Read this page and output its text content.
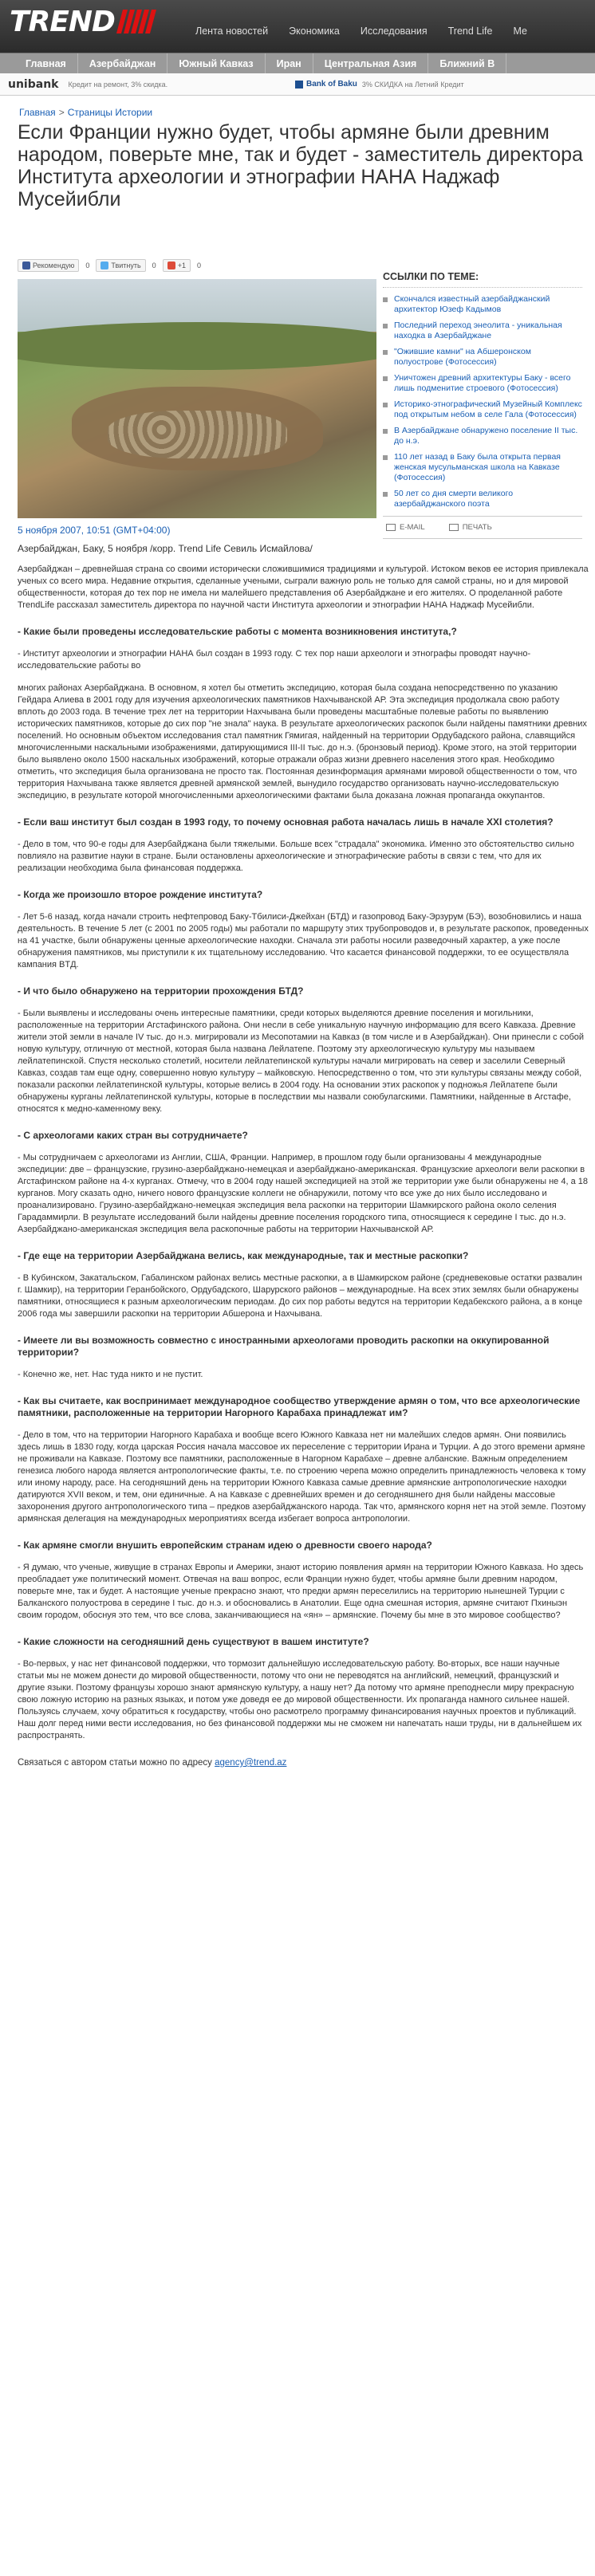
TREND	Лента новостей	Экономика	Исследования	Trend Life	Ме
Главная	Азербайджан	Южный Кавказ	Иран	Центральная Азия	Ближний В
unibank Кредит на ремонт, 3% скидка.	Bank of Baku 3% СКИДКА на Летний Кредит
Главная > Страницы Истории
Если Франции нужно будет, чтобы армяне были древним народом, поверьте мне, так и будет - заместитель директора Института археологии и этнографии НАНА Наджаф Мусейибли
Рекомендую 0	Твитнуть 0	+1 0
5 ноября 2007, 10:51 (GMT+04:00)
Азербайджан, Баку, 5 ноября /корр. Trend Life Севиль Исмайлова/
ССЫЛКИ ПО ТЕМЕ:
Скончался известный азербайджанский архитектор Юзеф Кадымов
Последний переход энеолита - уникальная находка в Азербайджане
"Ожившие камни" на Абшеронском полуострове (Фотосессия)
Уничтожен древний архитектуры Баку - всего лишь подменитие строевого (Фотосессия)
Историко-этнографический Музейный Комплекс под открытым небом в селе Гала (Фотосессия)
В Азербайджане обнаружено поселение II тыс. до н.э.
110 лет назад в Баку была открыта первая женская мусульманская школа на Кавказе (Фотосессия)
50 лет со дня смерти великого азербайджанского поэта
E-MAIL	ПЕЧАТЬ
Азербайджан – древнейшая страна со своими исторически сложившимися традициями и культурой. Истоком веков ее история привлекала ученых со всего мира. Недавние открытия, сделанные учеными, сыграли важную роль не только для самой страны, но и для мировой общественности, которая до тех пор не имела ни малейшего представления об Азербайджане и его жителях. О проделанной работе TrendLife рассказал заместитель директора по научной части Института археологии и этнографии НАНА Наджаф Мусейибли.
- Какие были проведены исследовательские работы с момента возникновения института,?
- Институт археологии и этнографии НАНА был создан в 1993 году. С тех пор наши археологи и этнографы проводят научно-исследовательские работы во
многих районах Азербайджана. В основном, я хотел бы отметить экспедицию, которая была создана непосредственно по указанию Гейдара Алиева в 2001 году для изучения археологических памятников Нахчыванской АР. Эта экспедиция продолжала свою работу вплоть до 2003 года. В течение трех лет на территории Нахчывана были проведены масштабные полевые работы по выявлению исторических памятников, которые до сих пор "не знала" наука. В результате археологических раскопок были найдены памятники древних поселений. Но основным объектом исследования стал памятник Гямигая, найденный на территории Ордубадского района, славящийся многочисленными наскальными изображениями, датирующимися III-II тыс. до н.э. (бронзовый период). Кроме этого, на этой территории было выявлено около 1500 наскальных изображений, которые отражали образ жизни древнего населения этого края. Необходимо отметить, что экспедиция была организована не просто так. Постоянная дезинформация армянами мировой общественности о том, что территория Нахчывана также является древней армянской землей, вынудило государство организовать научно-исследовательскую экспедицию, в результате которой многочисленными археологическими фактами была доказана ложная пропаганда оккупантов.
- Если ваш институт был создан в 1993 году, то почему основная работа началась лишь в начале XXI столетия?
- Дело в том, что 90-е годы для Азербайджана были тяжелыми. Больше всех "страдала" экономика. Именно это обстоятельство сильно повлияло на развитие науки в стране. Были остановлены археологические и этнографические работы в связи с тем, что для их реализации необходима была финансовая поддержка.
- Когда же произошло второе рождение института?
- Лет 5-6 назад, когда начали строить нефтепровод Баку-Тбилиси-Джейхан (БТД) и газопровод Баку-Эрзурум (БЭ), возобновились и наша деятельность. В течение 5 лет (с 2001 по 2005 годы) мы работали по маршруту этих трубопроводов и, в результате раскопок, проведенных на 41 участке, были обнаружены ценные археологические находки. Сначала эти работы носили разведочный характер, а уже после обнаружения памятников, мы приступили к их тщательному исследованию. Что касается финансовой поддержки, то ее осуществляла кампания BTД.
- И что было обнаружено на территории прохождения БТД?
- Были выявлены и исследованы очень интересные памятники, среди которых выделяются древние поселения и могильники, расположенные на территории Агстафинского района. Они несли в себе уникальную научную информацию для всего Кавказа. Древние жители этой земли в начале IV тыс. до н.э. мигрировали из Месопотамии на Кавказ (в том числе и в Азербайджан). Они принесли с собой новую культуру, отличную от местной, которая была названа Лейлатепе. Поэтому эту археологическую культуру мы называем лейлатепинской. Спустя несколько столетий, носители лейлатепинской культуры начали мигрировать на север и заселили Северный Кавказ, создав там еще одну, совершенно новую культуру – майковскую. Непосредственно о том, что эти культуры связаны между собой, показали раскопки лейлатепинской культуры, которые велись в 2004 году. На основании этих раскопок у подножья Лейлатепе были обнаружены курганы лейлатепинской культуры, которые в последствии мы назвали союбулагскими. Памятники, найденные в Агстафе, относятся к медно-каменному веку.
- С археологами каких стран вы сотрудничаете?
- Мы сотрудничаем с археологами из Англии, США, Франции. Например, в прошлом году были организованы 4 международные экспедиции: две – французские, грузино-азербайджано-немецкая и азербайджано-американская. Французские археологи вели раскопки в Агстафинском районе на 4-х курганах. Отмечу, что в 2004 году нашей экспедицией на этой же территории уже были обнаружены не 4, а 18 курганов. Могу сказать одно, ничего нового французские коллеги не обнаружили, потому что все уже до них было исследовано и проанализировано. Грузино-азербайджано-немецкая экспедиция вела раскопки на территории Шамкирского района около селения Гарадаммирли. В результате исследований были найдены древние поселения городского типа, относящиеся к середине I тыс. до н.э. Азербайджано-американская экспедиция вела раскопочные работы на территории Нахчыванской АР.
- Где еще на территории Азербайджана велись, как международные, так и местные раскопки?
- В Кубинском, Закатальском, Габалинском районах велись местные раскопки, а в Шамкирском районе (средневековые остатки развалин г. Шамкир), на территории Геранбойского, Ордубадского, Шарурского районов – международные. На всех этих землях были обнаружены памятники, относящиеся к разным археологическим периодам. До сих пор работы ведутся на территории Кедабекского района, а в конце 2006 года мы завершили раскопки на территории Абшерона и Нахчывана.
- Имеете ли вы возможность совместно с иностранными археологами проводить раскопки на оккупированной территории?
- Конечно же, нет. Нас туда никто и не пустит.
- Как вы считаете, как воспринимает международное сообщество утверждение армян о том, что все археологические памятники, расположенные на территории Нагорного Карабаха принадлежат им?
- Дело в том, что на территории Нагорного Карабаха и вообще всего Южного Кавказа нет ни малейших следов армян. Они появились здесь лишь в 1830 году, когда царская Россия начала массовое их переселение с территории Ирана и Турции. А до этого времени армяне не проживали на Кавказе. Поэтому все памятники, расположенные в Нагорном Карабахе – древне албанские. Важным определением генезиса любого народа является антропологические факты, т.е. по строению черепа можно определить принадлежность человека к тому или иному народу, расе. На сегодняшний день на территории Южного Кавказа самые древние армянские антропологические находки датируются XVII веком, и тем, они единичные. А на Кавказе с древнейших времен и до сегодняшнего дня были найдены массовые захоронения другого антропологического типа – предков азербайджанского народа. Так что, армянского корня нет на этой земле. Поэтому армянская делегация на международных мероприятиях всегда избегает вопроса антропологии.
- Как армяне смогли внушить европейским странам идею о древности своего народа?
- Я думаю, что ученые, живущие в странах Европы и Америки, знают историю появления армян на территории Южного Кавказа. Но здесь преобладает уже политический момент. Отвечая на ваш вопрос, если Франции нужно будет, чтобы армяне были древним народом, поверьте мне, так и будет. А настоящие ученые прекрасно знают, что предки армян переселились на территорию нынешней Турции с Балканского полуострова в середине I тыс. до н.э. и обосновались в Анатолии. Еще одна смешная история, армяне считают Пхиныэн своим городом, обоснуя это тем, что все слова, заканчивающиеся на «ян» – армянские. Почему бы мне в это мировое сообщество?
- Какие сложности на сегодняшний день существуют в вашем институте?
- Во-первых, у нас нет финансовой поддержки, что тормозит дальнейшую исследовательскую работу. Во-вторых, все наши научные статьи мы не можем донести до мировой общественности, потому что они не переводятся на английский, немецкий, французский и другие языки. Поэтому французы хорошо знают армянскую культуру, а нашу нет? Да потому что армяне преподнесли миру прекрасную свою ложную историю на разных языках, и потом уже доведя ее до мировой общественности. Их пропаганда намного сильнее нашей. Пользуясь случаем, хочу обратиться к государству, чтобы оно расмотрело программу финансирования научных проектов и публикаций. Наш долг перед ними вести исследования, но без финансовой поддержки мы не сможем ни напечатать наши труды, ни в дальнейшем их распространять.
Связаться с автором статьи можно по адресу agency@trend.az
